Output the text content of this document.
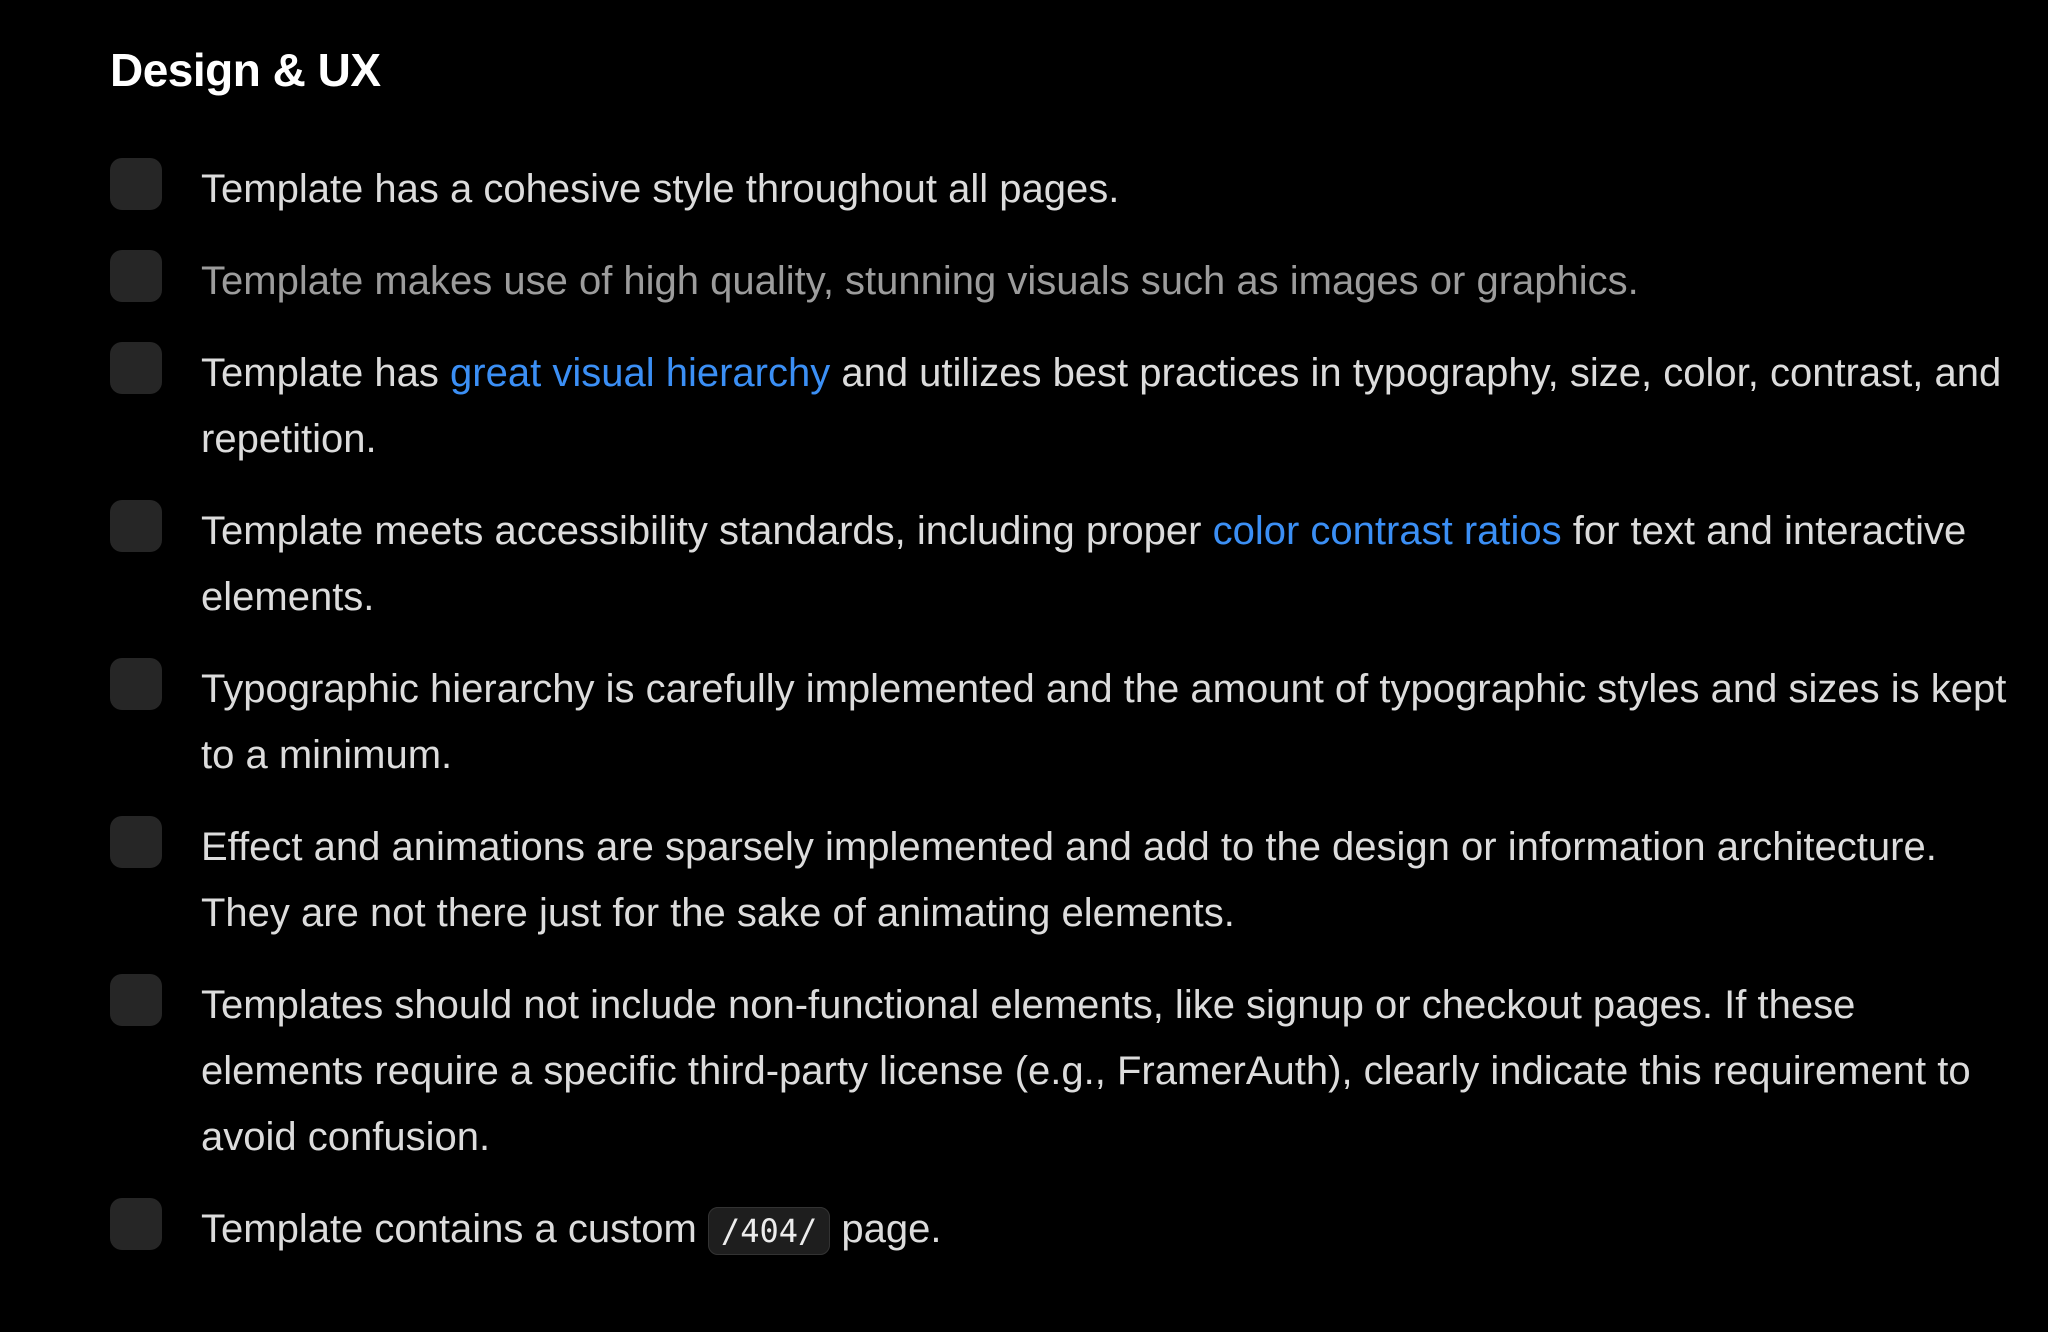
Design & UX
Template has a cohesive style throughout all pages.
Template makes use of high quality, stunning visuals such as images or graphics.
Template has great visual hierarchy and utilizes best practices in typography, size, color, contrast, and repetition.
Template meets accessibility standards, including proper color contrast ratios for text and interactive elements.
Typographic hierarchy is carefully implemented and the amount of typographic styles and sizes is kept to a minimum.
Effect and animations are sparsely implemented and add to the design or information architecture. They are not there just for the sake of animating elements.
Templates should not include non-functional elements, like signup or checkout pages. If these elements require a specific third-party license (e.g., FramerAuth), clearly indicate this requirement to avoid confusion.
Template contains a custom /404/ page.
